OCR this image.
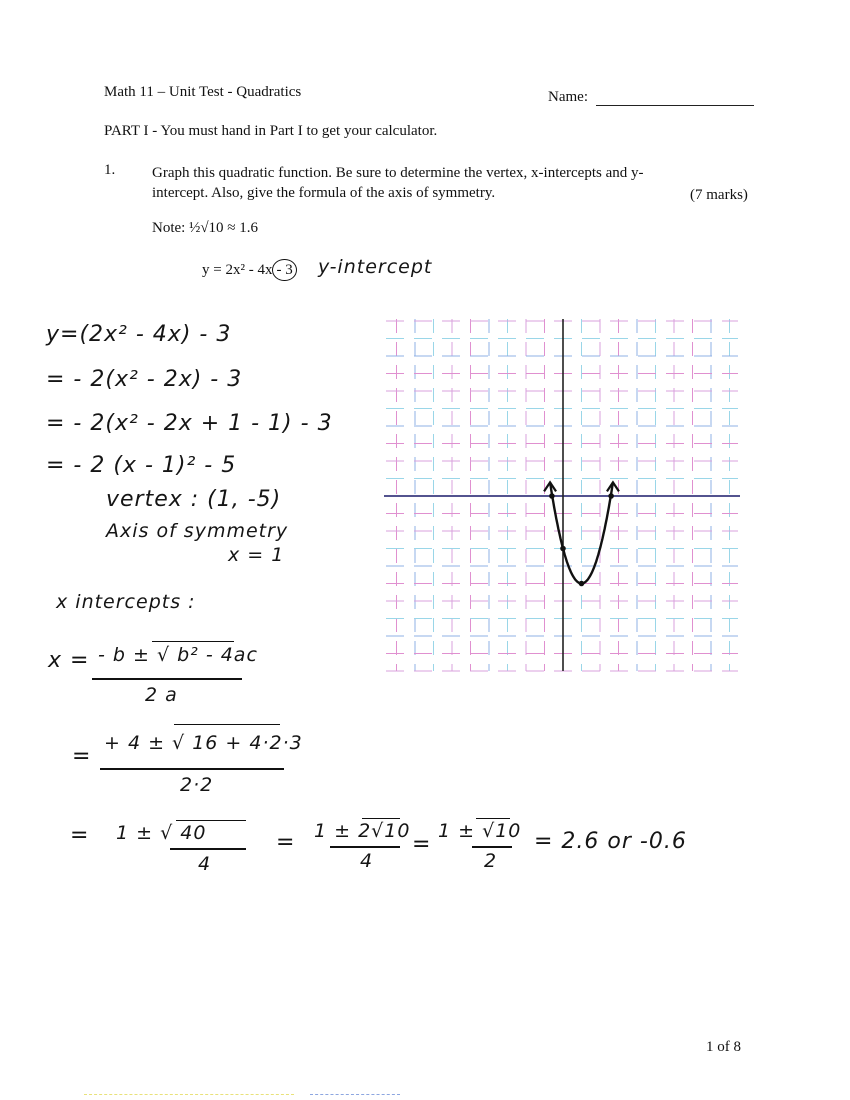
Math 11 – Unit Test - Quadratics	Name:
PART I - You must hand in Part I to get your calculator.
1. Graph this quadratic function. Be sure to determine the vertex, x-intercepts and y-
intercept. Also, give the formula of the axis of symmetry.	(7 marks)
Note: ½√10 ≈ 1.6
y = 2x² - 4x - 3 y-intercept
y=(2x² - 4x) - 3
= - 2(x² - 2x) - 3
= - 2(x² - 2x + 1 - 1) - 3
= - 2 (x - 1)² - 5
vertex : (1, -5)
Axis of symmetry
x = 1
x intercepts :
x = - b ± √ b² - 4ac
2 a
=
+ 4 ± √ 16 + 4·2·3
2·2
= 1 ± √ 40
4
= 1 ± 2√10
4
=
1 ± √10
2
= 2.6 or -0.6
1 of 8
